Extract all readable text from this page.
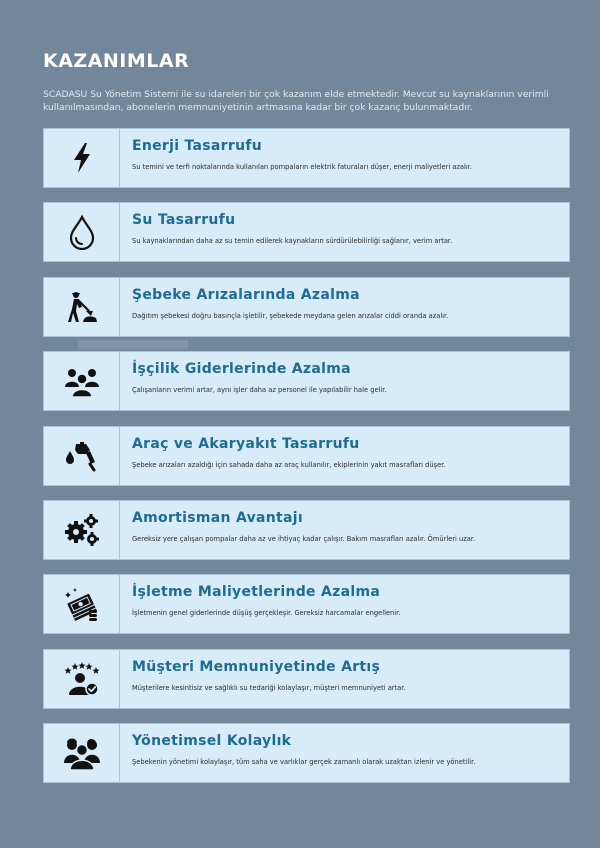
KAZANIMLAR

SCADASU Su Yönetim Sistemi ile su idareleri bir çok kazanım elde etmektedir. Mevcut su kaynaklarının verimli kullanılmasından, abonelerin memnuniyetinin artmasına kadar bir çok kazanç bulunmaktadır.

Enerji Tasarrufu

Su temini ve terfi noktalarında kullanılan pompaların elektrik faturaları düşer, enerji maliyetleri azalır.

Su Tasarrufu

Su kaynaklarından daha az su temin edilerek kaynakların sürdürülebilirliği sağlanır, verim artar.

Şebeke Arızalarında Azalma

Dağıtım şebekesi doğru basınçla işletilir, şebekede meydana gelen arızalar ciddi oranda azalır.

İşçilik Giderlerinde Azalma

Çalışanların verimi artar, aynı işler daha az personel ile yapılabilir hale gelir.

Araç ve Akaryakıt Tasarrufu

Şebeke arızaları azaldığı için sahada daha az araç kullanılır, ekiplerinin yakıt masrafları düşer.

Amortisman Avantajı

Gereksiz yere çalışan pompalar daha az ve ihtiyaç kadar çalışır. Bakım masrafları azalır. Ömürleri uzar.

İşletme Maliyetlerinde Azalma

İşletmenin genel giderlerinde düşüş gerçekleşir. Gereksiz harcamalar engellenir.

Müşteri Memnuniyetinde Artış

Müşterilere kesintisiz ve sağlıklı su tedariği kolaylaşır, müşteri memnuniyeti artar.

Yönetimsel Kolaylık

Şebekenin yönetimi kolaylaşır, tüm saha ve varlıklar gerçek zamanlı olarak uzaktan izlenir ve yönetilir.
